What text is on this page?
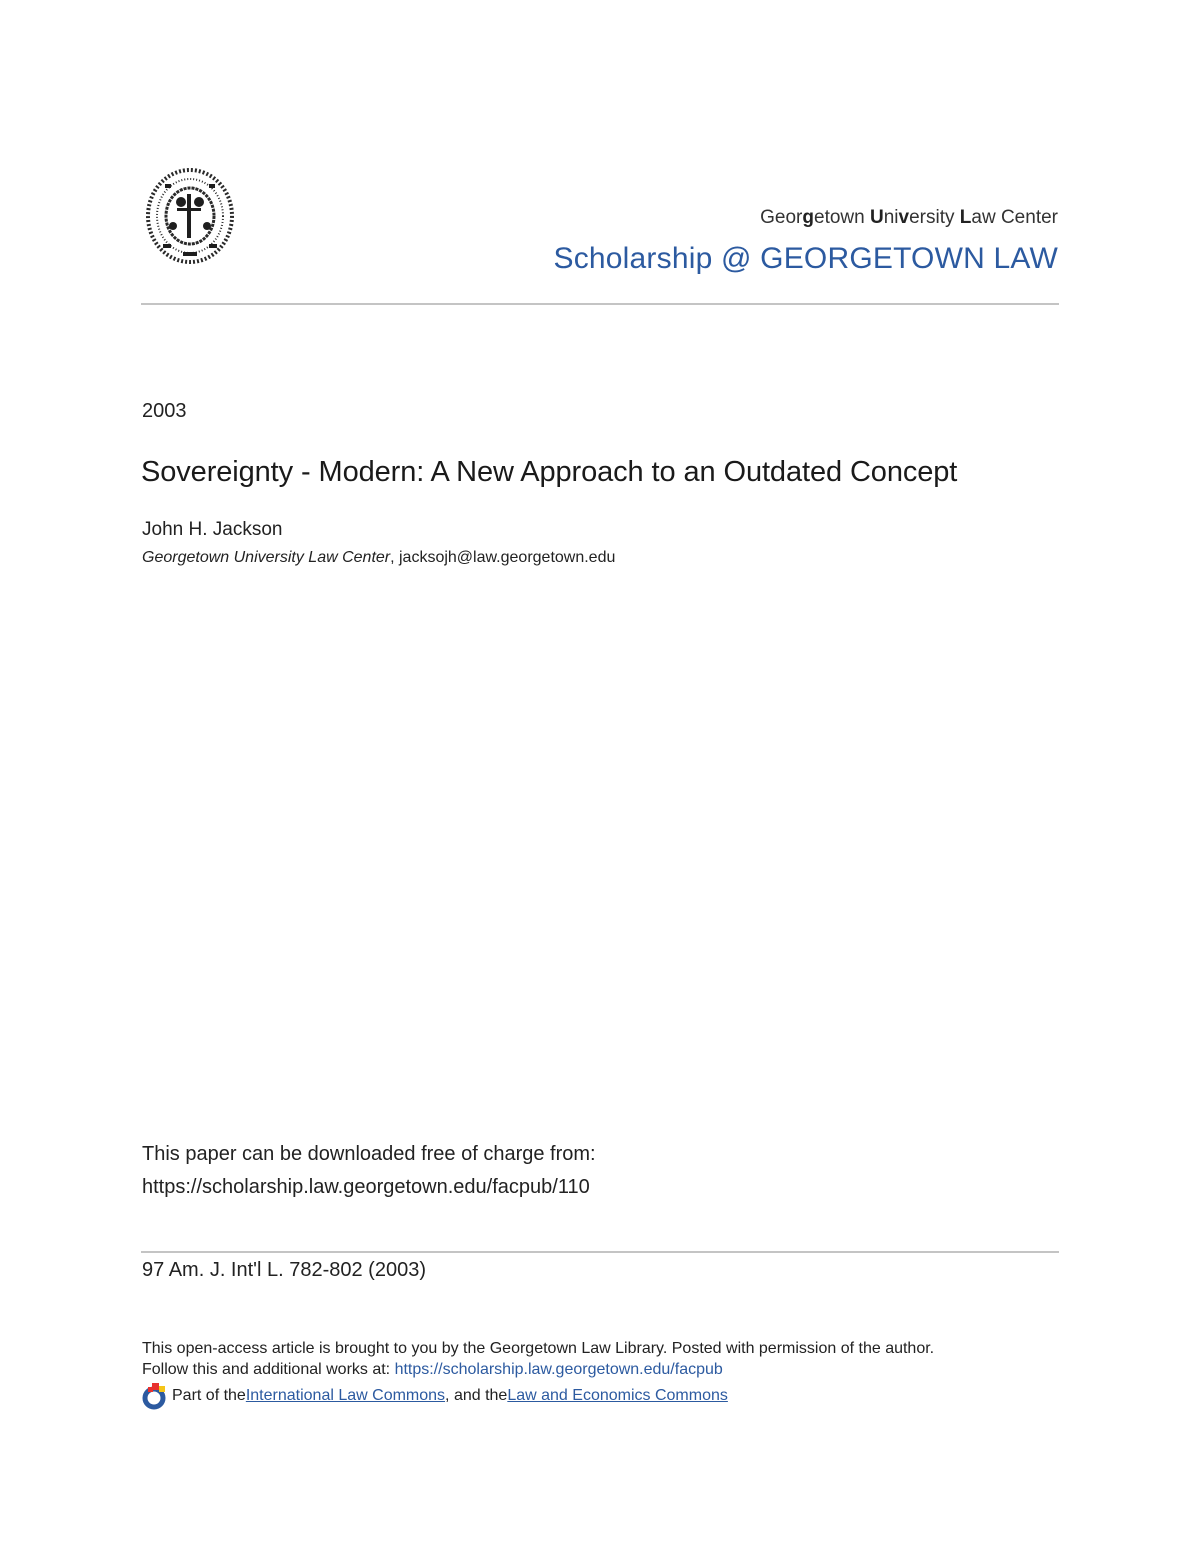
Georgetown University Law Center
Scholarship @ GEORGETOWN LAW
2003
Sovereignty - Modern: A New Approach to an Outdated Concept
John H. Jackson
Georgetown University Law Center, jacksojh@law.georgetown.edu
This paper can be downloaded free of charge from:
https://scholarship.law.georgetown.edu/facpub/110
97 Am. J. Int'l L. 782-802 (2003)
This open-access article is brought to you by the Georgetown Law Library. Posted with permission of the author.
Follow this and additional works at: https://scholarship.law.georgetown.edu/facpub
Part of the International Law Commons , and the Law and Economics Commons
